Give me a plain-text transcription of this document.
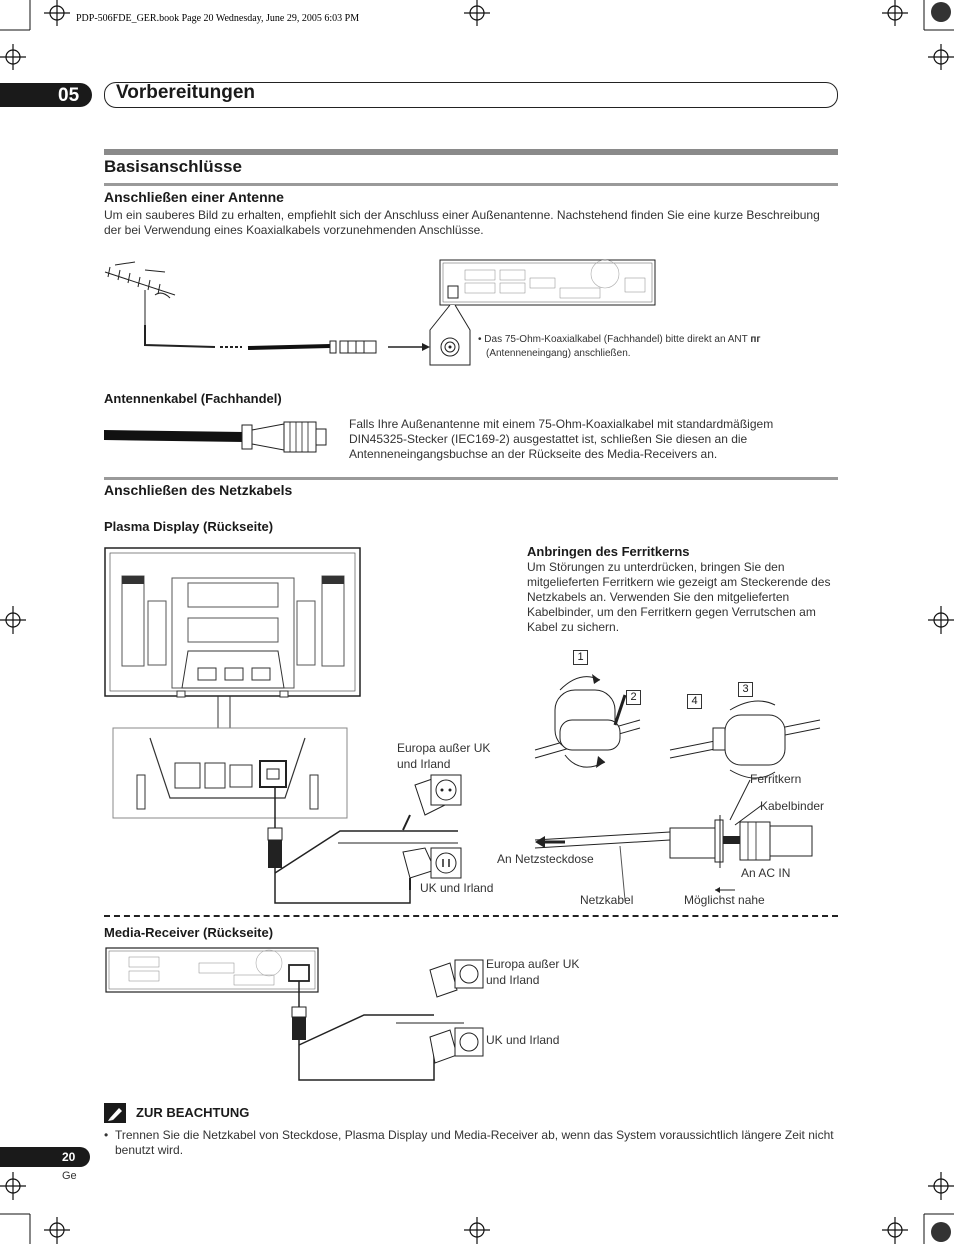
PDP-506FDE_GER.book Page 20 Wednesday, June 29, 2005 6:03 PM
05 Vorbereitungen
Basisanschlüsse
Anschließen einer Antenne
Um ein sauberes Bild zu erhalten, empfiehlt sich der Anschluss einer Außenantenne. Nachstehend finden Sie eine kurze Beschreibung der bei Verwendung eines Koaxialkabels vorzunehmenden Anschlüsse.
• Das 75-Ohm-Koaxialkabel (Fachhandel) bitte direkt an ANT ᴨᴦ
(Antenneneingang) anschließen.
Antennenkabel (Fachhandel)
Falls Ihre Außenantenne mit einem 75-Ohm-Koaxialkabel mit standardmäßigem DIN45325-Stecker (IEC169-2) ausgestattet ist, schließen Sie diesen an die Antenneneingangsbuchse an der Rückseite des Media-Receivers an.
Anschließen des Netzkabels
Plasma Display (Rückseite)
Europa außer UK und Irland
UK und Irland
Anbringen des Ferritkerns
Um Störungen zu unterdrücken, bringen Sie den mitgelieferten Ferritkern wie gezeigt am Steckerende des Netzkabels an. Verwenden Sie den mitgelieferten Kabelbinder, um den Ferritkern gegen Verrutschen am Kabel zu sichern.
1
2
3
4
Ferritkern
Kabelbinder
An Netzsteckdose
An AC IN
Netzkabel	Möglichst nahe
Media-Receiver (Rückseite)
Europa außer UK und Irland
UK und Irland
ZUR BEACHTUNG
• Trennen Sie die Netzkabel von Steckdose, Plasma Display und Media-Receiver ab, wenn das System voraussichtlich längere Zeit nicht benutzt wird.
20
Ge
